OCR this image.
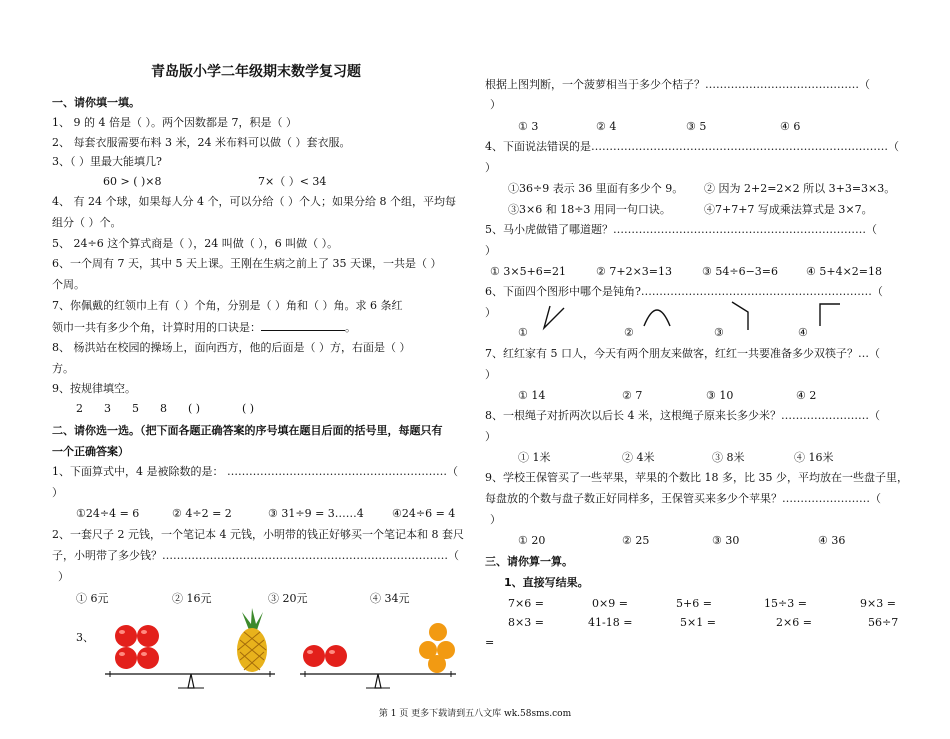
青岛版小学二年级期末数学复习题
一、请你填一填。
1、 9 的 4 倍是（ ）。两个因数都是 7，积是（ ）
2、 每套衣服需要布料 3 米，24 米布料可以做（ ）套衣服。
3、（ ）里最大能填几?
60 > ( )×8	7×（ ）< 34
4、 有 24 个球，如果每人分 4 个，可以分给（ ）个人；如果分给 8 个组，平均每
组分（ ）个。
5、 24÷6 这个算式商是（ ），24 叫做（ ），6 叫做（ ）。
6、一个周有 7 天，其中 5 天上课。王刚在生病之前上了 35 天课，一共是（ ）
个周。
7、你佩戴的红领巾上有（ ）个角，分别是（ ）角和（ ）角。求 6 条红
领巾一共有多少个角，计算时用的口诀是：	。
8、 杨洪站在校园的操场上，面向西方，他的后面是（ ）方，右面是（ ）
方。
9、按规律填空。
2 3 5 8 ( )	( )
二、请你选一选。（把下面各题正确答案的序号填在题目后面的括号里，每题只有
一个正确答案）
1、下面算式中，4 是被除数的是： ……………………………………………………（
）
①24÷4 = 6	② 4÷2 = 2	③ 31÷9 = 3……4	④24÷6 = 4
2、一套尺子 2 元钱，一个笔记本 4 元钱，小明带的钱正好够买一个笔记本和 8 套尺
子，小明带了多少钱？……………………………………………………………………（
）
① 6元	② 16元	③ 20元	④ 34元
3、
根据上图判断，一个菠萝相当于多少个桔子？……………………………………（
）
① 3	② 4	③ 5	④ 6
4、下面说法错误的是………………………………………………………………………（
）
①36÷9 表示 36 里面有多少个 9。 ② 因为 2+2=2×2 所以 3+3=3×3。
③3×6 和 18÷3 用同一句口诀。	④7+7+7 写成乘法算式是 3×7。
5、马小虎做错了哪道题？……………………………………………………………（
）
① 3×5+6=21	② 7+2×3=13	③ 54÷6−3=6	④ 5+4×2=18
6、下面四个图形中哪个是钝角?………………………………………………………（
）
①	②	③	④
7、红红家有 5 口人，今天有两个朋友来做客，红红一共要准备多少双筷子？…（
）
① 14	② 7	③ 10	④ 2
8、一根绳子对折两次以后长 4 米，这根绳子原来长多少米？……………………（
）
① 1米	② 4米	③ 8米	④ 16米
9、学校王保管买了一些苹果，苹果的个数比 18 多，比 35 少，平均放在一些盘子里，
每盘放的个数与盘子数正好同样多，王保管买来多少个苹果？……………………（
）
① 20	② 25	③ 30	④ 36
三、请你算一算。
1、直接写结果。
7×6 =	0×9 =	5+6 =	15÷3 =	9×3 =
8×3 =	41-18 =	5×1 =	2×6 =	56÷7
=
第 1 页 更多下载请到五八文库 wk.58sms.com
